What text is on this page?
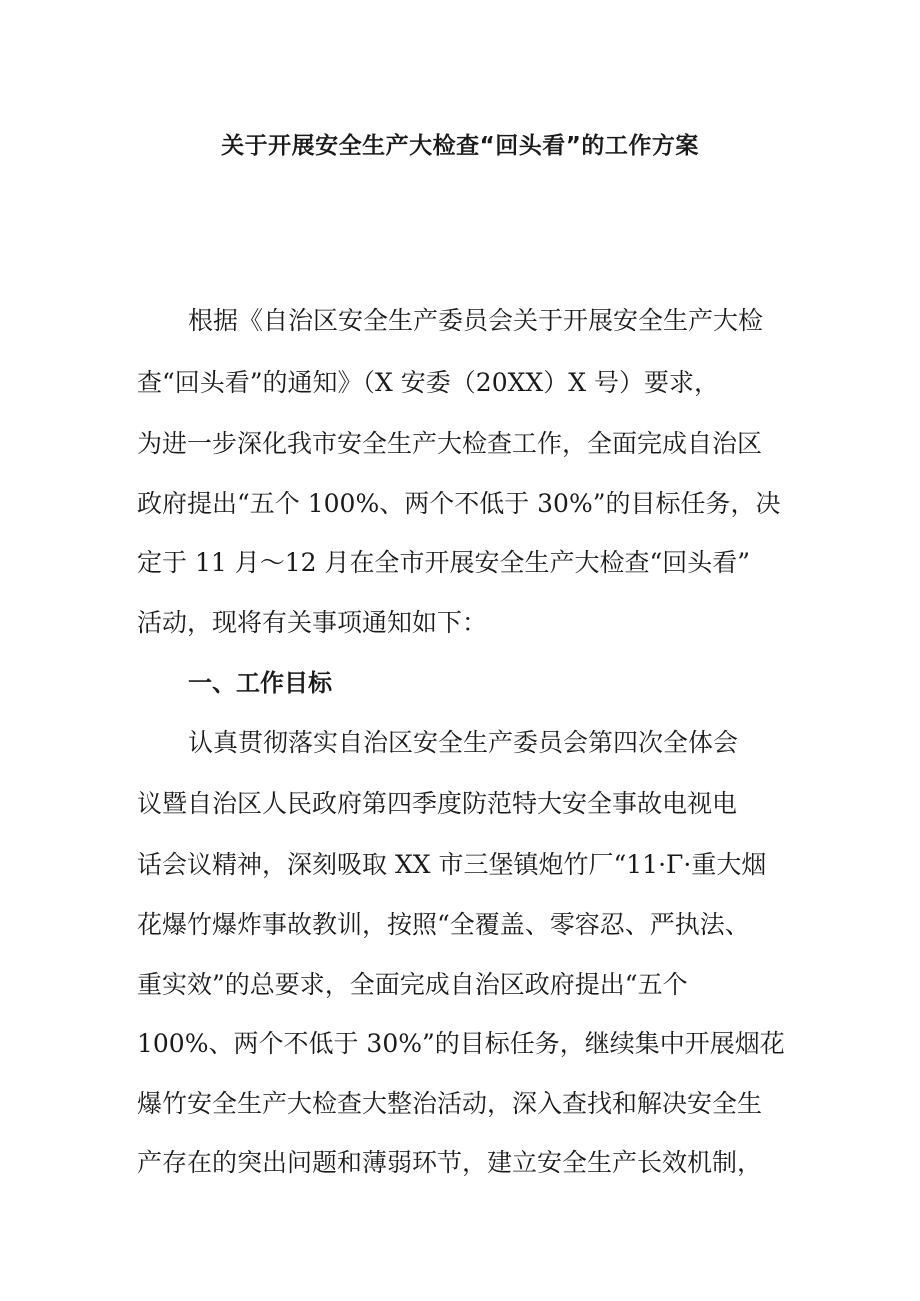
关于开展安全生产大检查“回头看”的工作方案

根据《自治区安全生产委员会关于开展安全生产大检

查“回头看”的通知》（X 安委（20XX）X 号）要求，

为进一步深化我市安全生产大检查工作，全面完成自治区

政府提出“五个 100%、两个不低于 30%”的目标任务，决

定于 11 月～12 月在全市开展安全生产大检查“回头看”

活动，现将有关事项通知如下：

一、工作目标

认真贯彻落实自治区安全生产委员会第四次全体会

议暨自治区人民政府第四季度防范特大安全事故电视电

话会议精神，深刻吸取 XX 市三堡镇炮竹厂“11·Γ·重大烟

花爆竹爆炸事故教训，按照“全覆盖、零容忍、严执法、

重实效”的总要求，全面完成自治区政府提出“五个

100%、两个不低于 30%”的目标任务，继续集中开展烟花

爆竹安全生产大检查大整治活动，深入查找和解决安全生

产存在的突出问题和薄弱环节，建立安全生产长效机制，
